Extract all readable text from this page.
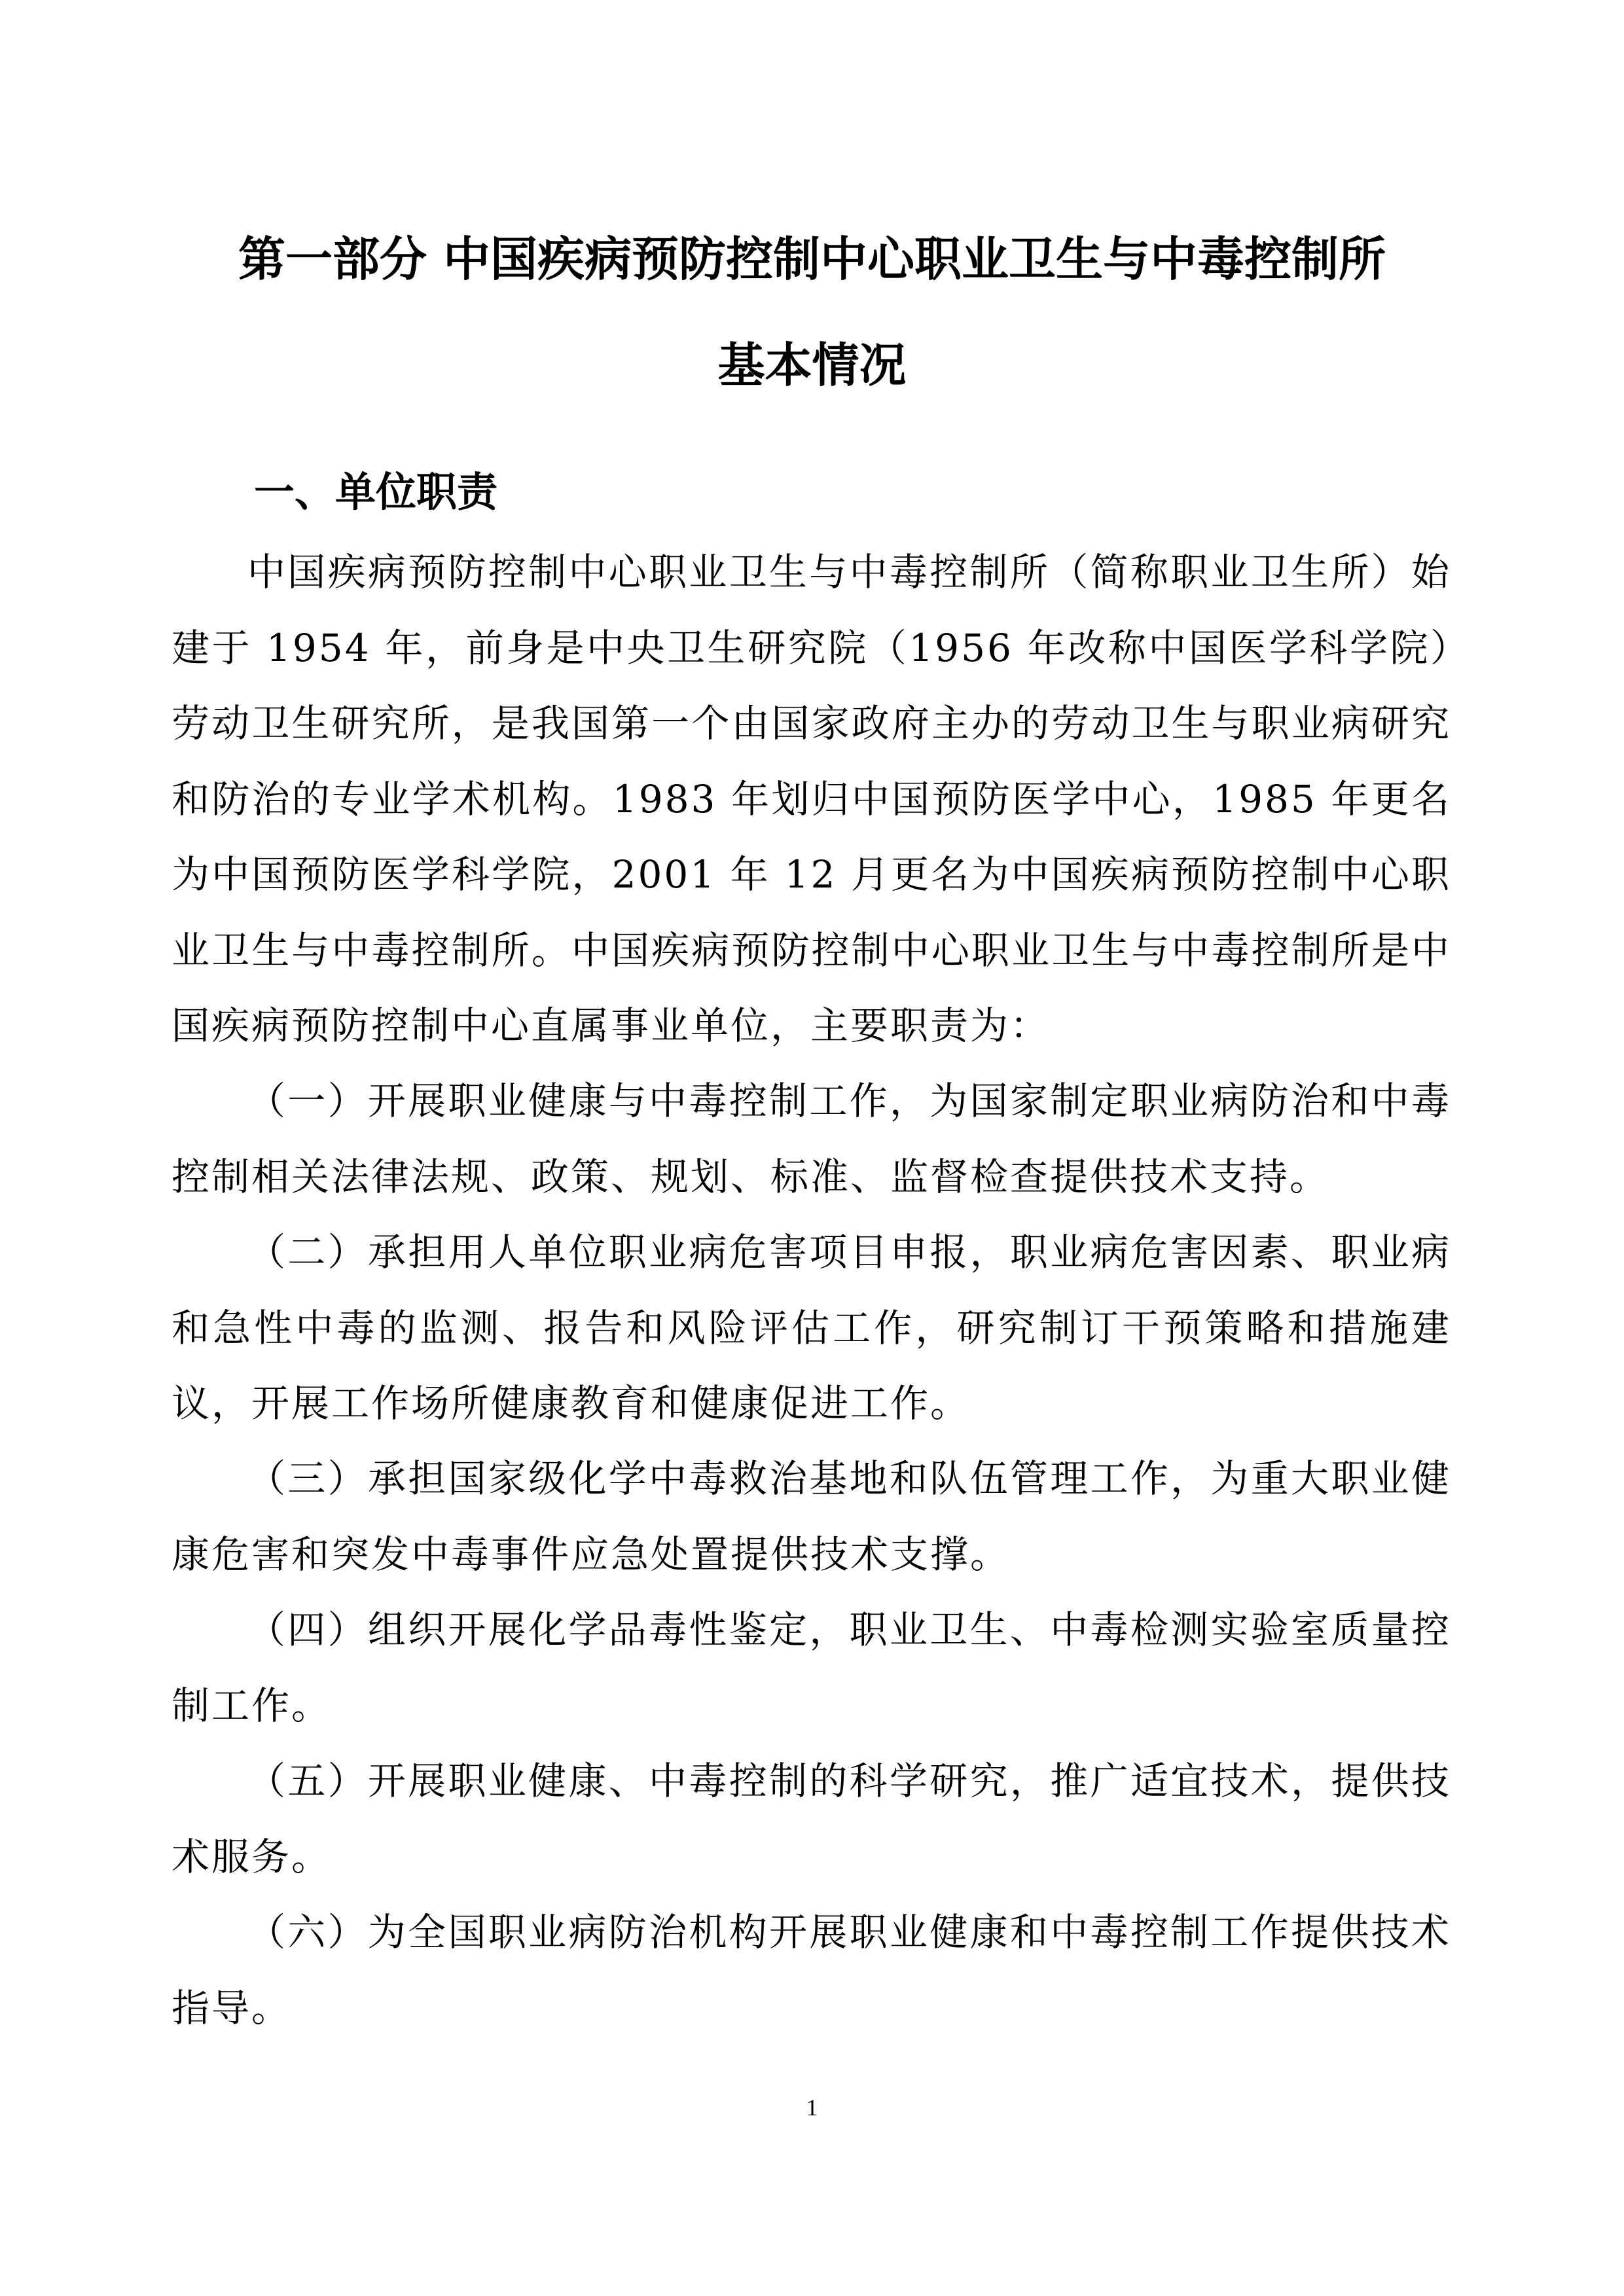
第一部分 中国疾病预防控制中心职业卫生与中毒控制所
基本情况
一、单位职责

中国疾病预防控制中心职业卫生与中毒控制所（简称职业卫生所）始建于 1954 年，前身是中央卫生研究院（1956 年改称中国医学科学院）劳动卫生研究所，是我国第一个由国家政府主办的劳动卫生与职业病研究和防治的专业学术机构。1983 年划归中国预防医学中心，1985 年更名为中国预防医学科学院，2001 年 12 月更名为中国疾病预防控制中心职业卫生与中毒控制所。中国疾病预防控制中心职业卫生与中毒控制所是中国疾病预防控制中心直属事业单位，主要职责为：

（一）开展职业健康与中毒控制工作，为国家制定职业病防治和中毒控制相关法律法规、政策、规划、标准、监督检查提供技术支持。

（二）承担用人单位职业病危害项目申报，职业病危害因素、职业病和急性中毒的监测、报告和风险评估工作，研究制订干预策略和措施建议，开展工作场所健康教育和健康促进工作。

（三）承担国家级化学中毒救治基地和队伍管理工作，为重大职业健康危害和突发中毒事件应急处置提供技术支撑。

（四）组织开展化学品毒性鉴定，职业卫生、中毒检测实验室质量控制工作。

（五）开展职业健康、中毒控制的科学研究，推广适宜技术，提供技术服务。

（六）为全国职业病防治机构开展职业健康和中毒控制工作提供技术指导。

1
